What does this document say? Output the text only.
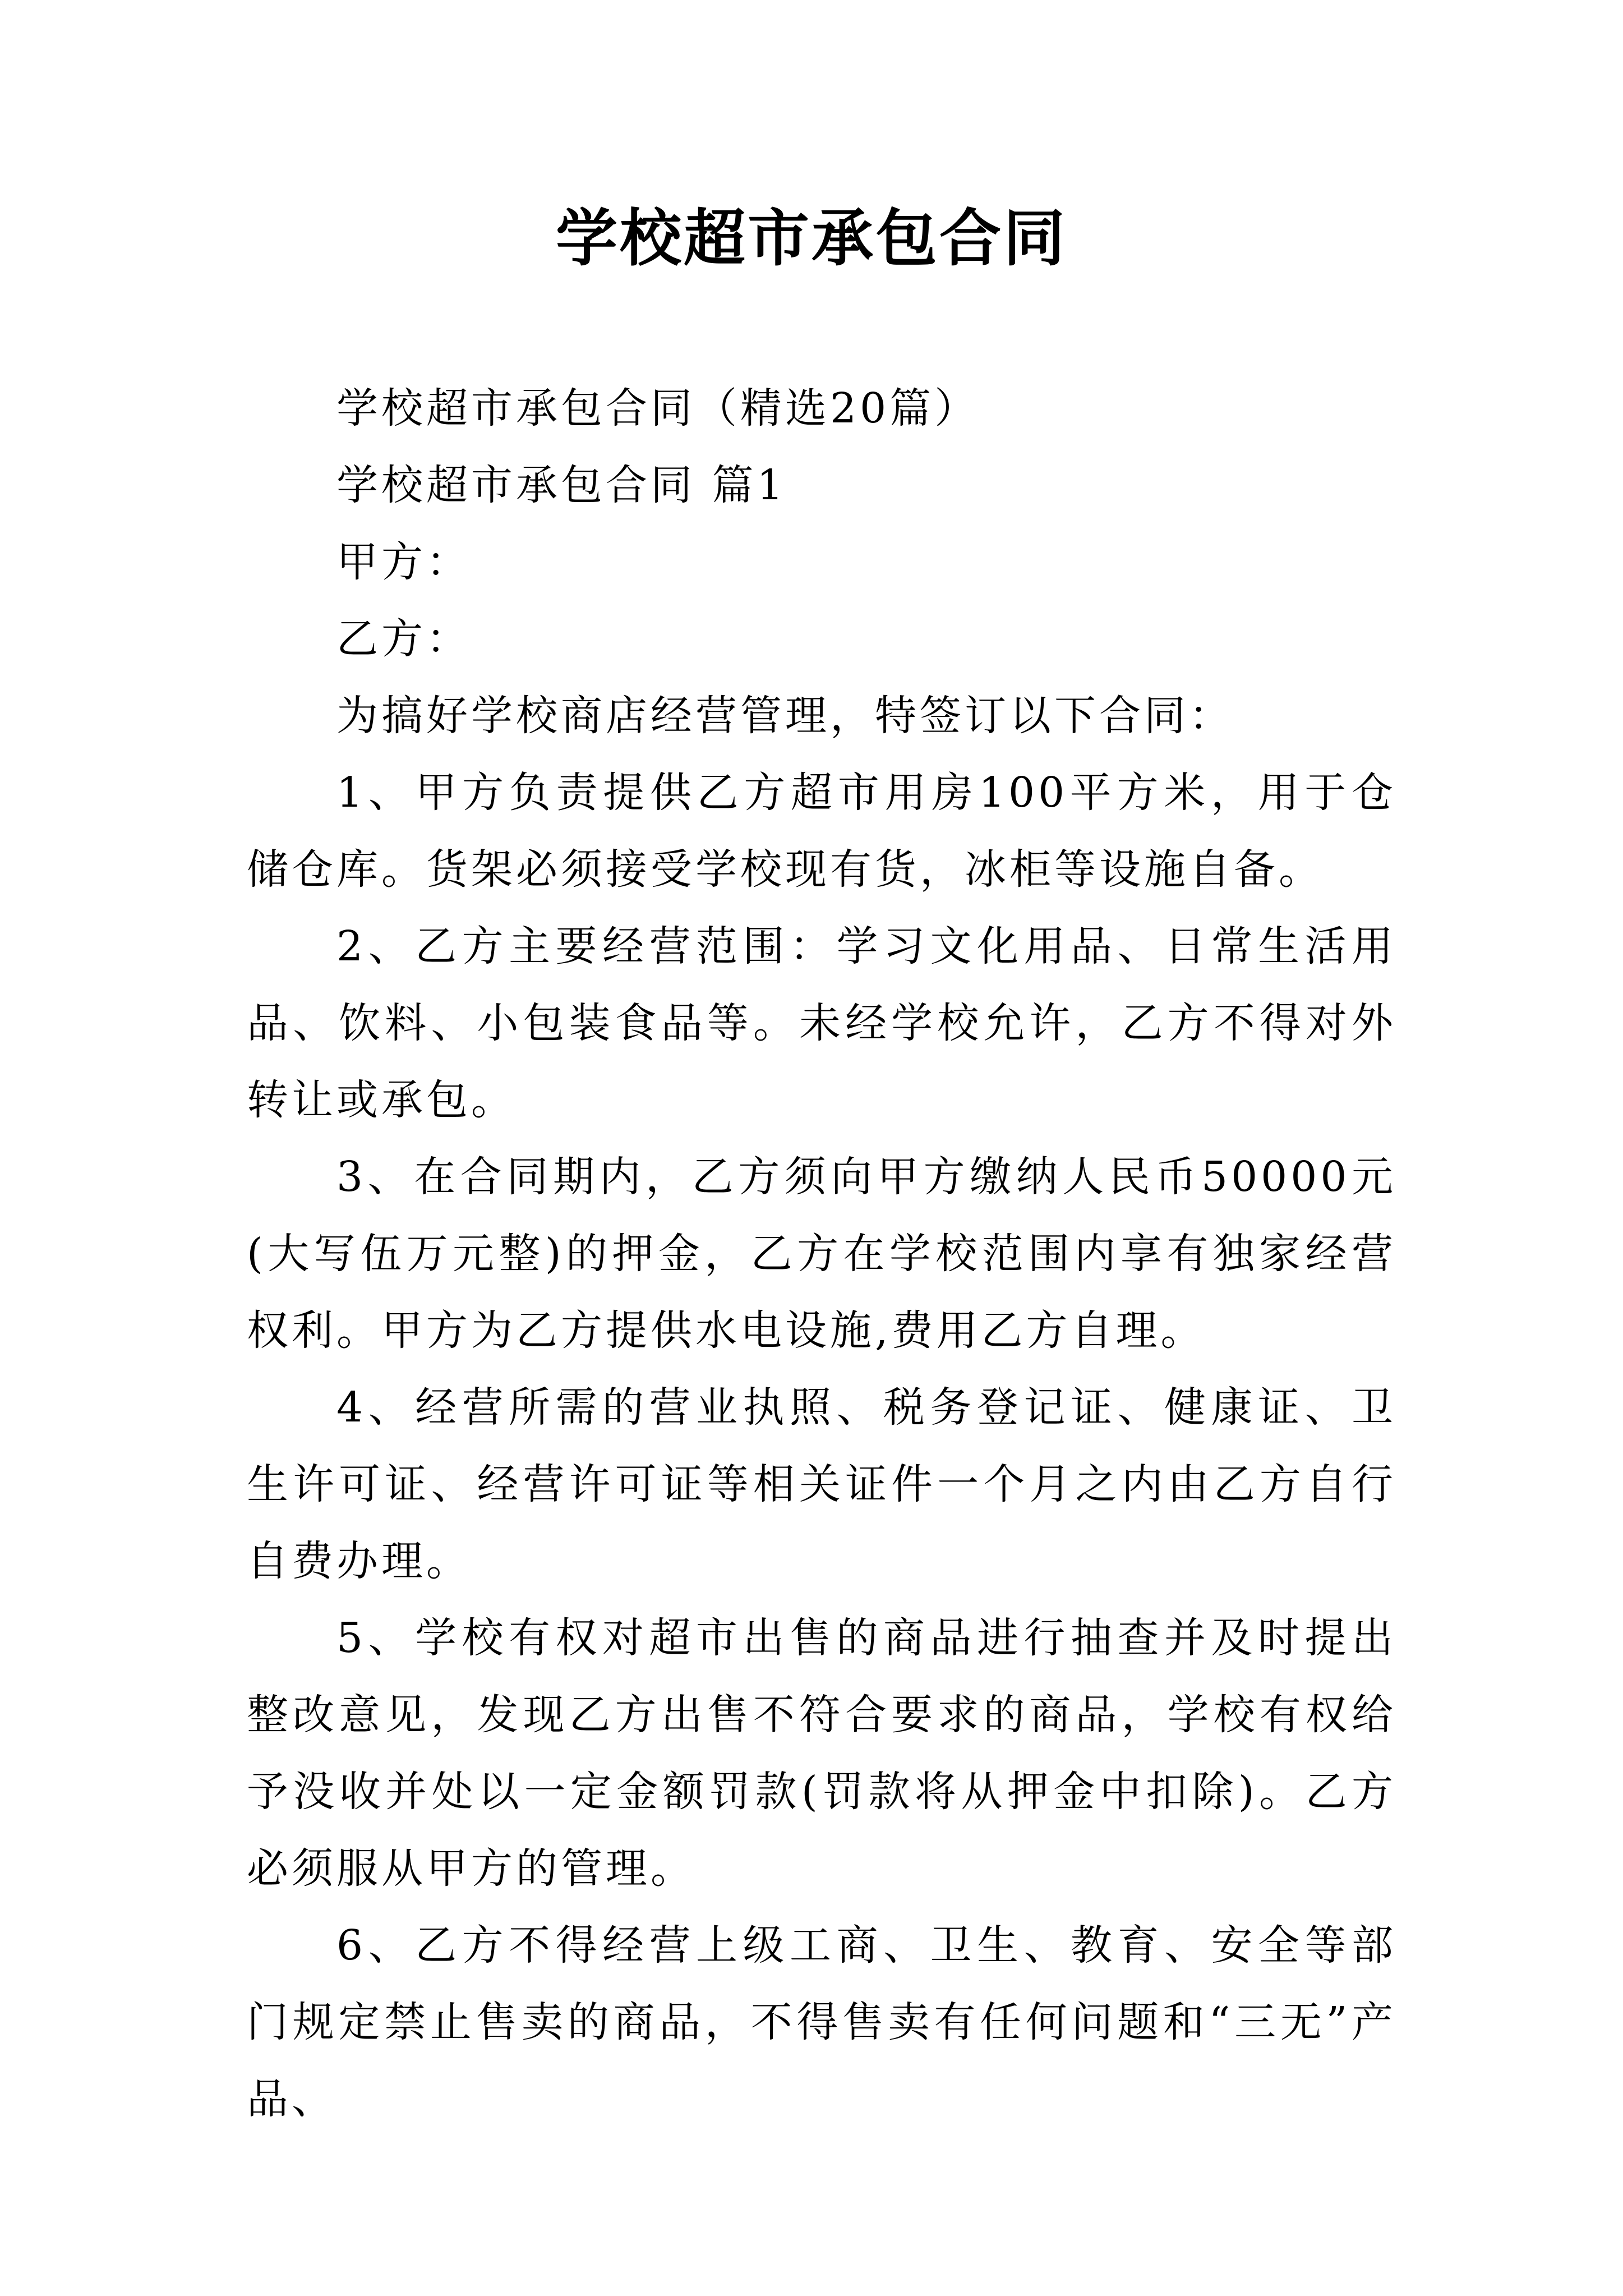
学校超市承包合同

学校超市承包合同（精选20篇）

学校超市承包合同 篇1

甲方：

乙方：

为搞好学校商店经营管理，特签订以下合同：

1、甲方负责提供乙方超市用房100平方米，用于仓储仓库。货架必须接受学校现有货，冰柜等设施自备。

2、乙方主要经营范围：学习文化用品、日常生活用品、饮料、小包装食品等。未经学校允许，乙方不得对外转让或承包。

3、在合同期内，乙方须向甲方缴纳人民币50000元(大写伍万元整)的押金，乙方在学校范围内享有独家经营权利。甲方为乙方提供水电设施,费用乙方自理。

4、经营所需的营业执照、税务登记证、健康证、卫生许可证、经营许可证等相关证件一个月之内由乙方自行自费办理。

5、学校有权对超市出售的商品进行抽查并及时提出整改意见，发现乙方出售不符合要求的商品，学校有权给予没收并处以一定金额罚款(罚款将从押金中扣除)。乙方必须服从甲方的管理。

6、乙方不得经营上级工商、卫生、教育、安全等部门规定禁止售卖的商品，不得售卖有任何问题和“三无”产品、
